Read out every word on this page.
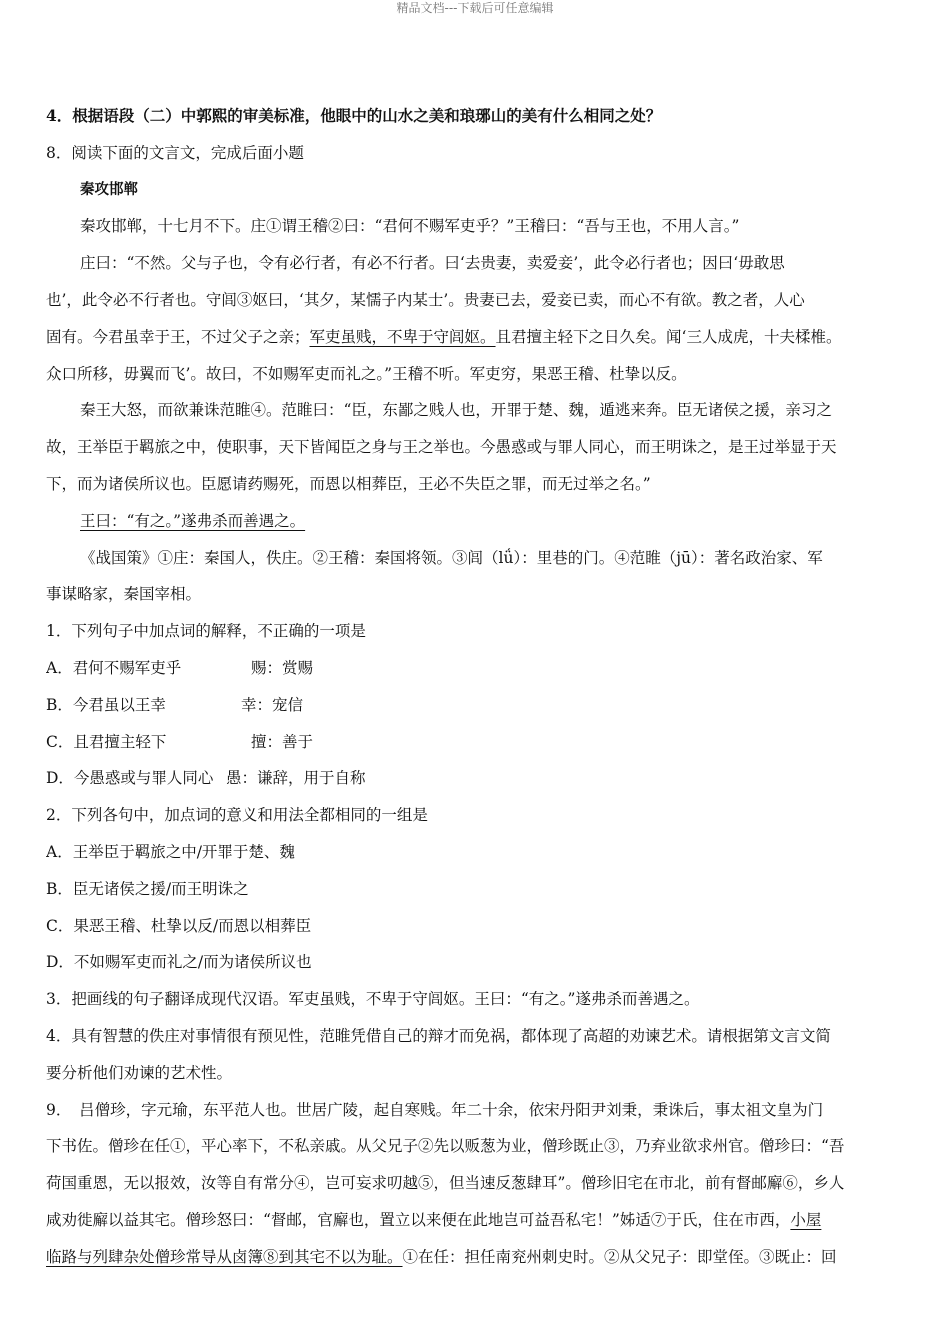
精品文档---下载后可任意编辑
4．根据语段（二）中郭熙的审美标准，他眼中的山水之美和琅琊山的美有什么相同之处？
8．阅读下面的文言文，完成后面小题
秦攻邯郸
秦攻邯郸，十七月不下。庄①谓王稽②曰：“君何不赐军吏乎？”王稽曰：“吾与王也，不用人言。”
庄曰：“不然。父与子也，令有必行者，有必不行者。曰‘去贵妻，卖爱妾’，此令必行者也；因曰‘毋敢思
也’，此令必不行者也。守闾③妪曰，‘其夕，某懦子内某士’。贵妻已去，爱妾已卖，而心不有欲。教之者，人心
固有。今君虽幸于王，不过父子之亲；军吏虽贱，不卑于守闾妪。且君擅主轻下之日久矣。闻‘三人成虎，十夫楺椎。
众口所移，毋翼而飞’。故曰，不如赐军吏而礼之。”王稽不听。军吏穷，果恶王稽、杜挚以反。
秦王大怒，而欲兼诛范睢④。范睢曰：“臣，东鄙之贱人也，开罪于楚、魏，遁逃来奔。臣无诸侯之援，亲习之
故，王举臣于羁旅之中，使职事，天下皆闻臣之身与王之举也。今愚惑或与罪人同心，而王明诛之，是王过举显于天
下，而为诸侯所议也。臣愿请药赐死，而恩以相葬臣，王必不失臣之罪，而无过举之名。”
王曰：“有之。”遂弗杀而善遇之。
《战国策》①庄：秦国人，佚庄。②王稽：秦国将领。③闾（lǘ）：里巷的门。④范睢（jū）：著名政治家、军
事谋略家，秦国宰相。
1．下列句子中加点词的解释，不正确的一项是
A．君何不赐军吏乎	赐：赏赐
B．今君虽以王幸	幸：宠信
C．且君擅主轻下	擅：善于
D．今愚惑或与罪人同心 愚：谦辞，用于自称
2．下列各句中，加点词的意义和用法全都相同的一组是
A．王举臣于羁旅之中/开罪于楚、魏
B．臣无诸侯之援/而王明诛之
C．果恶王稽、杜挚以反/而恩以相葬臣
D．不如赐军吏而礼之/而为诸侯所议也
3．把画线的句子翻译成现代汉语。军吏虽贱，不卑于守闾妪。王曰：“有之。”遂弗杀而善遇之。
4．具有智慧的佚庄对事情很有预见性，范睢凭借自己的辩才而免祸，都体现了高超的劝谏艺术。请根据第文言文简
要分析他们劝谏的艺术性。
9．　吕僧珍，字元瑜，东平范人也。世居广陵，起自寒贱。年二十余，依宋丹阳尹刘秉，秉诛后，事太祖文皇为门
下书佐。僧珍在任①，平心率下，不私亲戚。从父兄子②先以贩葱为业，僧珍既止③，乃弃业欲求州官。僧珍曰：“吾
荷国重恩，无以报效，汝等自有常分④，岂可妄求叨越⑤，但当速反葱肆耳”。僧珍旧宅在市北，前有督邮廨⑥，乡人
咸劝徙廨以益其宅。僧珍怒曰：“督邮，官廨也，置立以来便在此地岂可益吾私宅！”姊适⑦于氏，住在市西，小屋
临路与列肆杂处僧珍常导从卤簿⑧到其宅不以为耻。①在任：担任南兖州刺史时。②从父兄子：即堂侄。③既止：回
